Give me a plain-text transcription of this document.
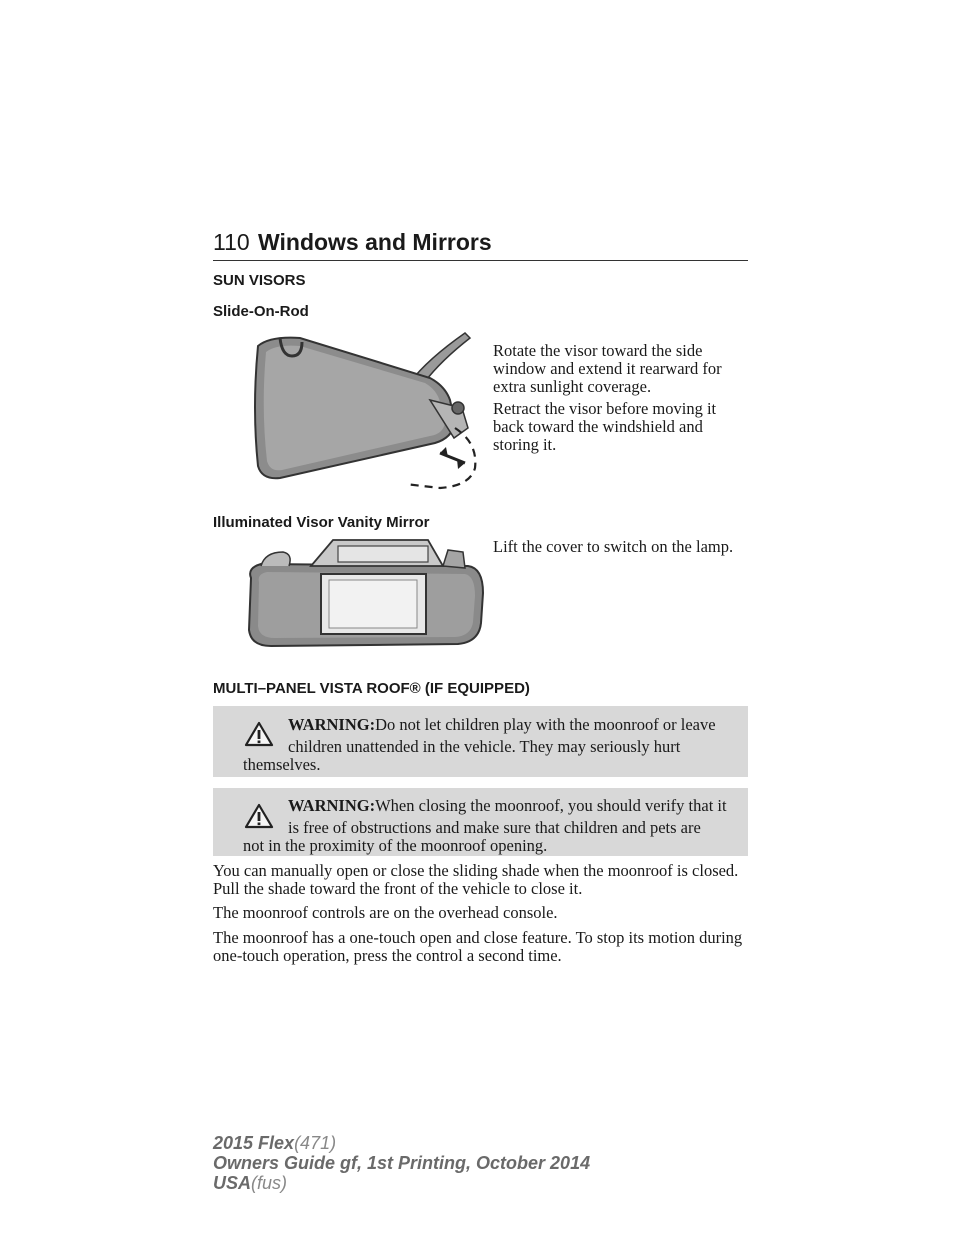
110 Windows and Mirrors
SUN VISORS
Slide-On-Rod
Rotate the visor toward the side window and extend it rearward for extra sunlight coverage.
Retract the visor before moving it back toward the windshield and storing it.
Illuminated Visor Vanity Mirror
Lift the cover to switch on the lamp.
MULTI–PANEL VISTA ROOF® (IF EQUIPPED)
WARNING:Do not let children play with the moonroof or leave
children unattended in the vehicle. They may seriously hurt
themselves.
WARNING:When closing the moonroof, you should verify that it
is free of obstructions and make sure that children and pets are
not in the proximity of the moonroof opening.
You can manually open or close the sliding shade when the moonroof is closed. Pull the shade toward the front of the vehicle to close it.
The moonroof controls are on the overhead console.
The moonroof has a one-touch open and close feature. To stop its motion during one-touch operation, press the control a second time.
2015 Flex(471)
Owners Guide gf, 1st Printing, October 2014
USA(fus)
